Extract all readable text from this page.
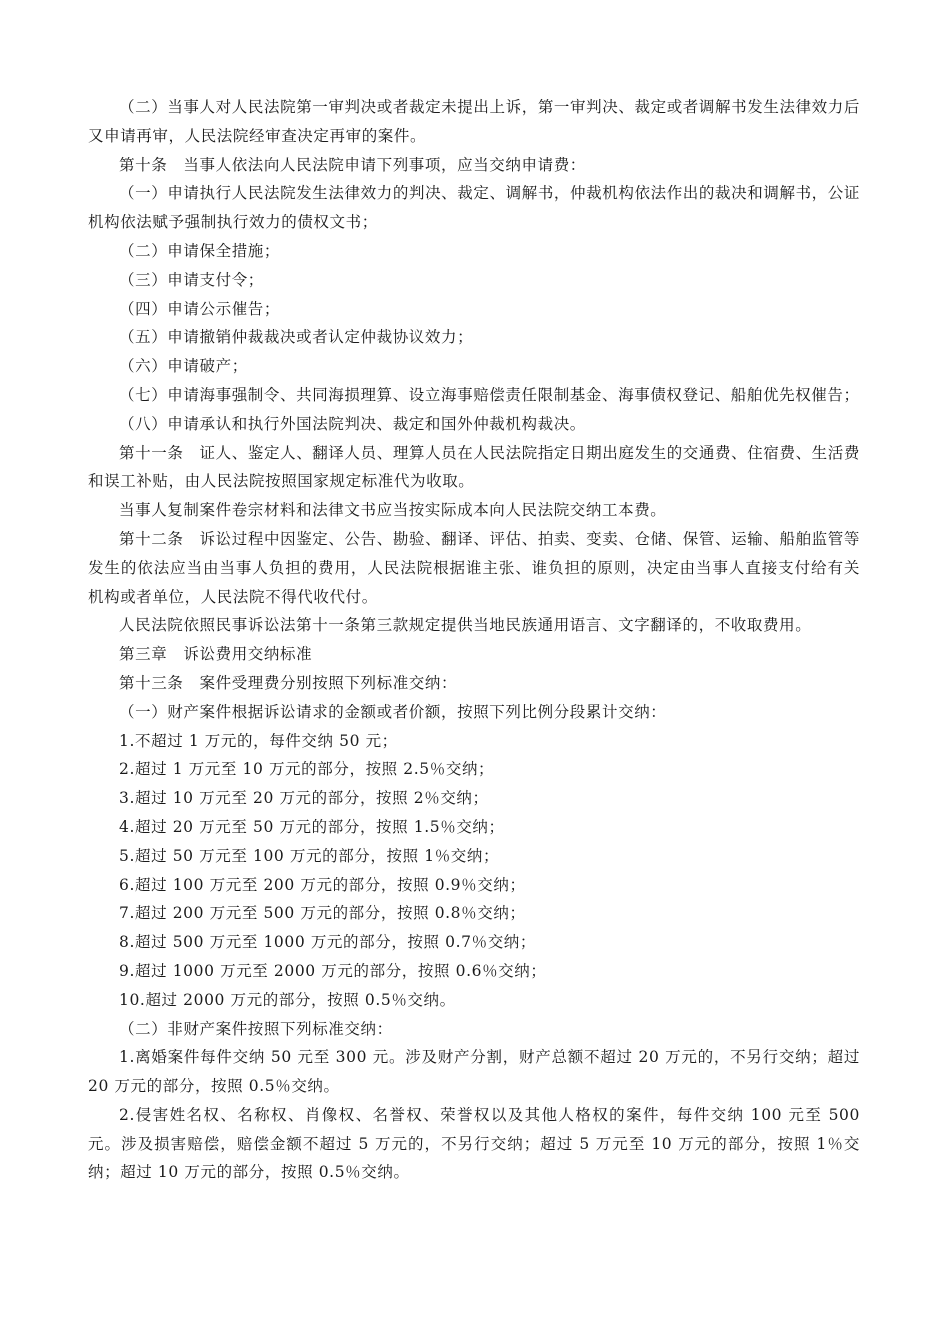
（二）当事人对人民法院第一审判决或者裁定未提出上诉，第一审判决、裁定或者调解书发生法律效力后又申请再审，人民法院经审查决定再审的案件。

第十条　当事人依法向人民法院申请下列事项，应当交纳申请费：

（一）申请执行人民法院发生法律效力的判决、裁定、调解书，仲裁机构依法作出的裁决和调解书，公证机构依法赋予强制执行效力的债权文书；

（二）申请保全措施；

（三）申请支付令；

（四）申请公示催告；

（五）申请撤销仲裁裁决或者认定仲裁协议效力；

（六）申请破产；

（七）申请海事强制令、共同海损理算、设立海事赔偿责任限制基金、海事债权登记、船舶优先权催告；

（八）申请承认和执行外国法院判决、裁定和国外仲裁机构裁决。

第十一条　证人、鉴定人、翻译人员、理算人员在人民法院指定日期出庭发生的交通费、住宿费、生活费和误工补贴，由人民法院按照国家规定标准代为收取。

当事人复制案件卷宗材料和法律文书应当按实际成本向人民法院交纳工本费。

第十二条　诉讼过程中因鉴定、公告、勘验、翻译、评估、拍卖、变卖、仓储、保管、运输、船舶监管等发生的依法应当由当事人负担的费用，人民法院根据谁主张、谁负担的原则，决定由当事人直接支付给有关机构或者单位，人民法院不得代收代付。

人民法院依照民事诉讼法第十一条第三款规定提供当地民族通用语言、文字翻译的，不收取费用。

第三章　诉讼费用交纳标准

第十三条　案件受理费分别按照下列标准交纳：

（一）财产案件根据诉讼请求的金额或者价额，按照下列比例分段累计交纳：

1.不超过 1 万元的，每件交纳 50 元；

2.超过 1 万元至 10 万元的部分，按照 2.5％交纳；

3.超过 10 万元至 20 万元的部分，按照 2％交纳；

4.超过 20 万元至 50 万元的部分，按照 1.5％交纳；

5.超过 50 万元至 100 万元的部分，按照 1％交纳；

6.超过 100 万元至 200 万元的部分，按照 0.9％交纳；

7.超过 200 万元至 500 万元的部分，按照 0.8％交纳；

8.超过 500 万元至 1000 万元的部分，按照 0.7％交纳；

9.超过 1000 万元至 2000 万元的部分，按照 0.6％交纳；

10.超过 2000 万元的部分，按照 0.5％交纳。

（二）非财产案件按照下列标准交纳：

1.离婚案件每件交纳 50 元至 300 元。涉及财产分割，财产总额不超过 20 万元的，不另行交纳；超过 20 万元的部分，按照 0.5％交纳。

2.侵害姓名权、名称权、肖像权、名誉权、荣誉权以及其他人格权的案件，每件交纳 100 元至 500 元。涉及损害赔偿，赔偿金额不超过 5 万元的，不另行交纳；超过 5 万元至 10 万元的部分，按照 1％交纳；超过 10 万元的部分，按照 0.5％交纳。
